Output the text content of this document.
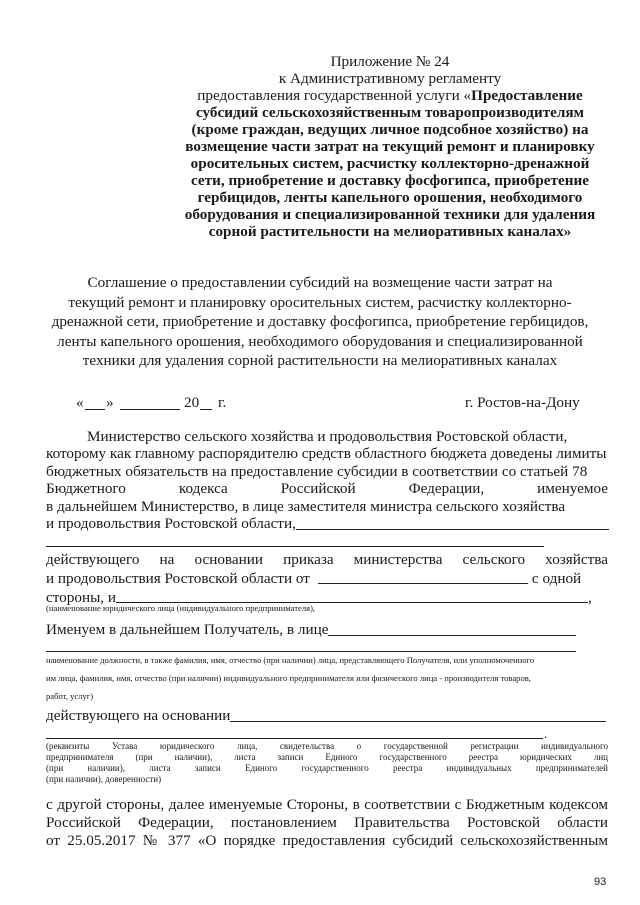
Приложение № 24
к Административному регламенту
предоставления государственной услуги «Предоставление
субсидий сельскохозяйственным товаропроизводителям
(кроме граждан, ведущих личное подсобное хозяйство) на
возмещение части затрат на текущий ремонт и планировку
оросительных систем, расчистку коллекторно-дренажной
сети, приобретение и доставку фосфогипса, приобретение
гербицидов, ленты капельного орошения, необходимого
оборудования и специализированной техники для удаления
сорной растительности на мелиоративных каналах»
Соглашение о предоставлении субсидий на возмещение части затрат на
текущий ремонт и планировку оросительных систем, расчистку коллекторно-
дренажной сети, приобретение и доставку фосфогипса, приобретение гербицидов,
ленты капельного орошения, необходимого оборудования и специализированной
техники для удаления сорной растительности на мелиоративных каналах
« »	20 г.	г. Ростов-на-Дону
Министерство сельского хозяйства и продовольствия Ростовской области,
которому как главному распорядителю средств областного бюджета доведены лимиты
бюджетных обязательств на предоставление субсидии в соответствии со статьей 78
Бюджетного кодекса Российской Федерации, именуемое
в дальнейшем Министерство, в лице заместителя министра сельского хозяйства
и продовольствия Ростовской области,
действующего на основании приказа министерства сельского хозяйства
и продовольствия Ростовской области от	с одной
стороны, и	,
(наименование юридического лица (индивидуального предпринимателя),
Именуем в дальнейшем Получатель, в лице
наименование должности, в также фамилия, имя, отчество (при наличии) лица, представляющего Получателя, или уполномоченного
им лица, фамилия, имя, отчество (при наличии) индивидуального предпринимателя или физического лица - производителя товаров,
работ, услуг)
действующего на основании
.
(реквизиты Устава юридического лица, свидетельства о государственной регистрации индивидуального
предпринимателя (при наличии), листа записи Единого государственного реестра юридических лиц
(при наличии), листа записи Единого государственного реестра индивидуальных предпринимателей
(при наличии), доверенности)
с другой стороны, далее именуемые Стороны, в соответствии с Бюджетным кодексом
Российской Федерации, постановлением Правительства Ростовской области
от 25.05.2017 № 377 «О порядке предоставления субсидий сельскохозяйственным
93
